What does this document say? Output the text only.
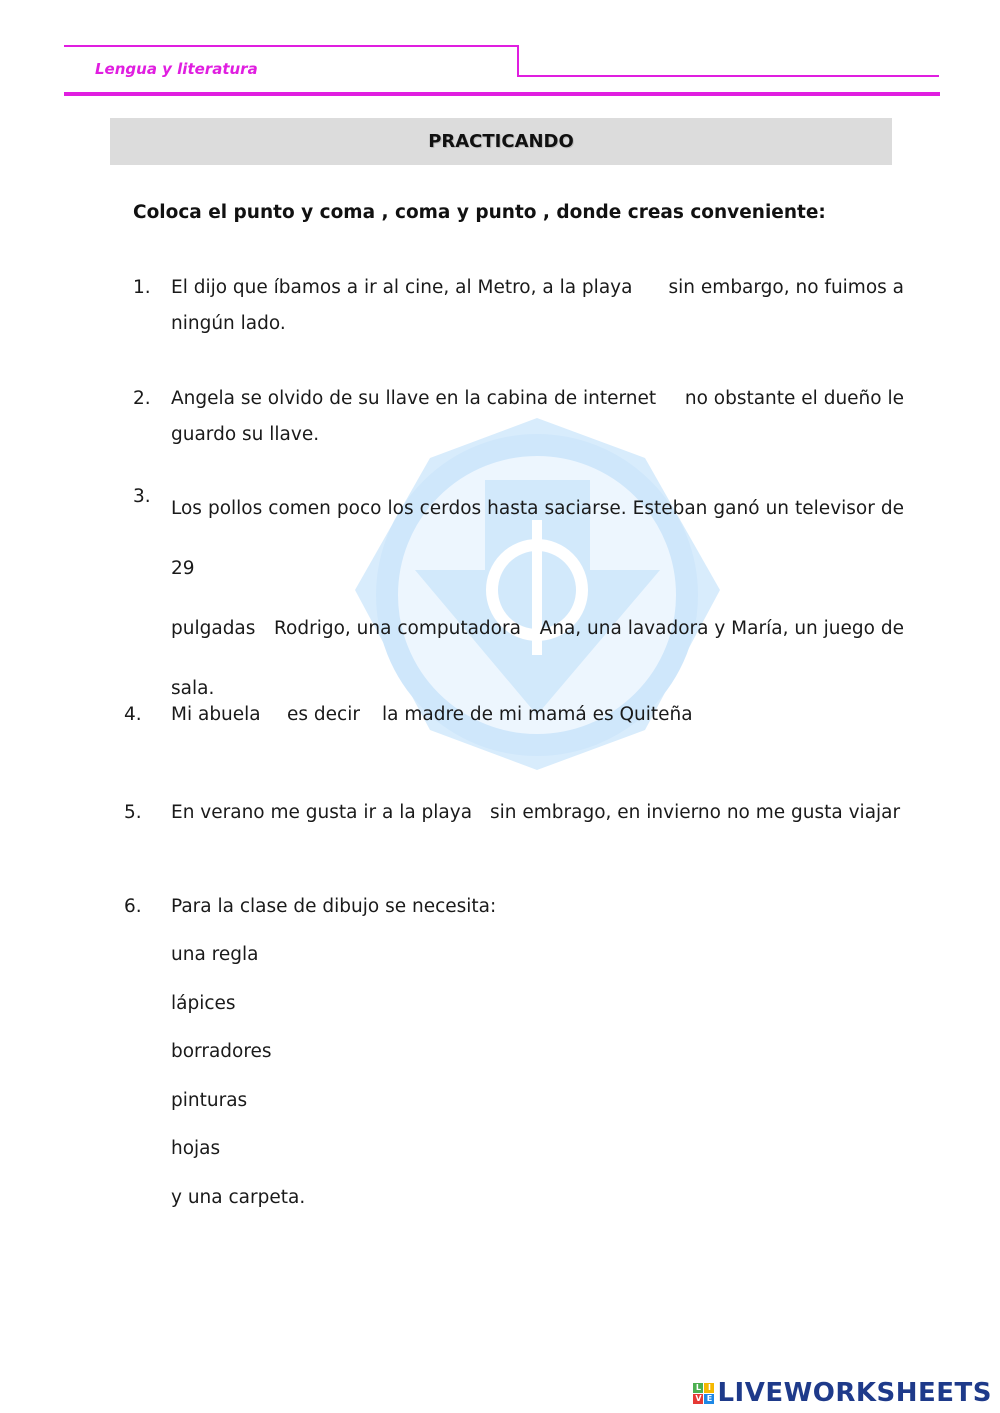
Lengua y literatura
PRACTICANDO
Coloca el punto y coma , coma y punto , donde creas conveniente:
1. El dijo que íbamos a ir al cine, al Metro, a la playa sin embargo, no fuimos a
ningún lado.
2. Angela se olvido de su llave en la cabina de internet no obstante el dueño le
guardo su llave.
3.
Los pollos comen poco los cerdos hasta saciarse. Esteban ganó un televisor de 29
pulgadas Rodrigo, una computadora Ana, una lavadora y María, un juego de
sala.
4. Mi abuela es decir la madre de mi mamá es Quiteña
5. En verano me gusta ir a la playa sin embrago, en invierno no me gusta viajar
6. Para la clase de dibujo se necesita:
una regla
lápices
borradores
pinturas
hojas
y una carpeta.
L I
V E LIVEWORKSHEETS
